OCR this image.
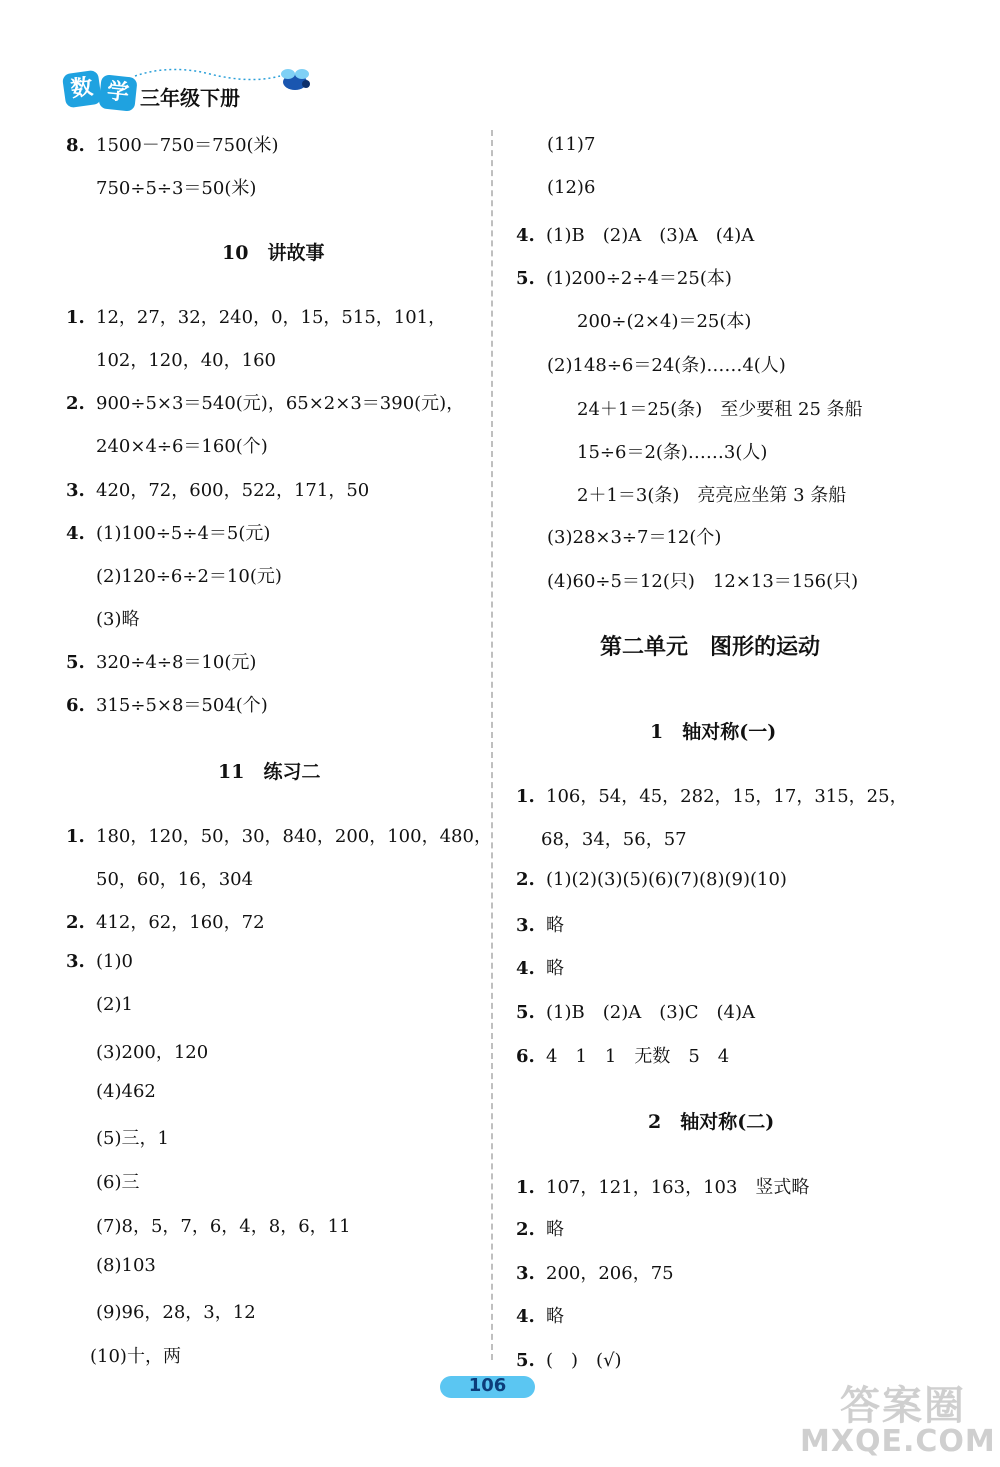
数 学 三年级下册
8. 1500－750＝750(米)
750÷5÷3＝50(米)
10　讲故事
1. 12，27，32，240，0，15，515，101，
102，120，40，160
2. 900÷5×3＝540(元)，65×2×3＝390(元)，
240×4÷6＝160(个)
3. 420，72，600，522，171，50
4. (1)100÷5÷4＝5(元)
(2)120÷6÷2＝10(元)
(3)略
5. 320÷4÷8＝10(元)
6. 315÷5×8＝504(个)
11　练习二
1. 180，120，50，30，840，200，100，480，
50，60，16，304
2. 412，62，160，72
3. (1)0
(2)1
(3)200，120
(4)462
(5)三，1
(6)三
(7)8，5，7，6，4，8，6，11
(8)103
(9)96，28，3，12
(10)十，两
(11)7
(12)6
4. (1)B　(2)A　(3)A　(4)A
5. (1)200÷2÷4＝25(本)
200÷(2×4)＝25(本)
(2)148÷6＝24(条)……4(人)
24＋1＝25(条)　至少要租 25 条船
15÷6＝2(条)……3(人)
2＋1＝3(条)　亮亮应坐第 3 条船
(3)28×3÷7＝12(个)
(4)60÷5＝12(只)　12×13＝156(只)
第二单元　图形的运动
1　轴对称(一)
1. 106，54，45，282，15，17，315，25，
68，34，56，57
2. (1)(2)(3)(5)(6)(7)(8)(9)(10)
3. 略
4. 略
5. (1)B　(2)A　(3)C　(4)A
6. 4　1　1　无数　5　4
2　轴对称(二)
1. 107，121，163，103　竖式略
2. 略
3. 200，206，75
4. 略
5. (　)　(√)
106	答案圈
MXQE.COM
